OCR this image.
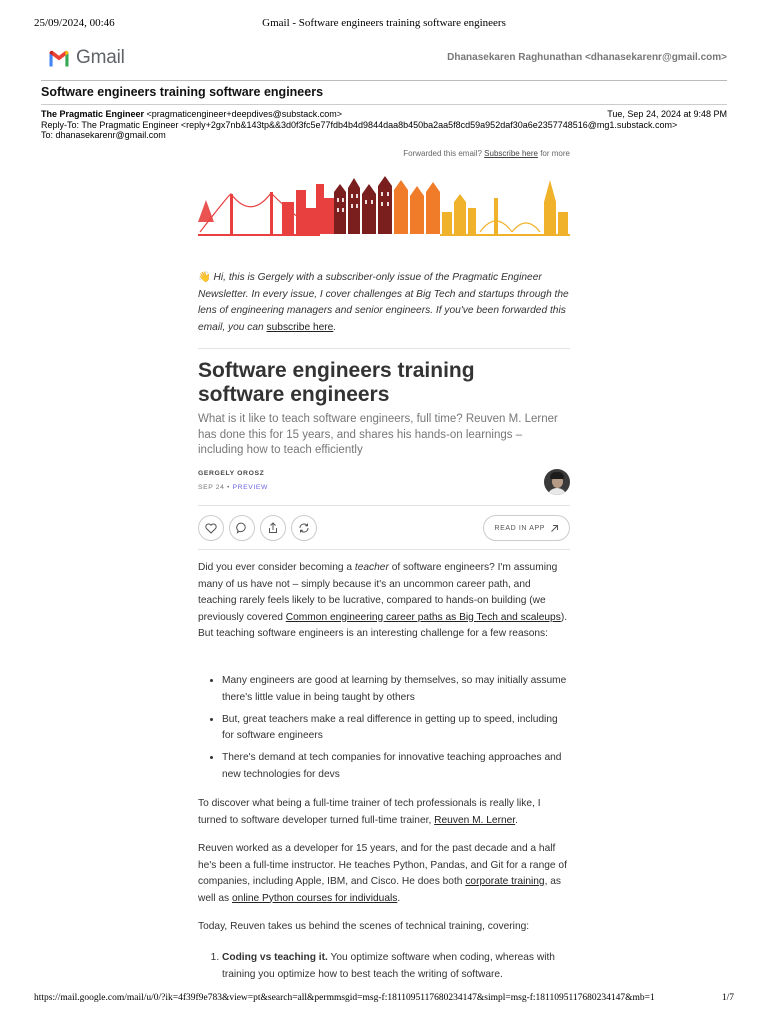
25/09/2024, 00:46	Gmail - Software engineers training software engineers
Gmail	Dhanasekaren Raghunathan <dhanasekarenr@gmail.com>
Software engineers training software engineers
The Pragmatic Engineer <pragmaticengineer+deepdives@substack.com>	Tue, Sep 24, 2024 at 9:48 PM
Reply-To: The Pragmatic Engineer <reply+2gx7nb&143tp&&3d0f3fc5e77fdb4b4d9844daa8b450ba2aa5f8cd59a952daf30a6e2357748516@mg1.substack.com>
To: dhanasekarenr@gmail.com
Forwarded this email? Subscribe here for more
👋 Hi, this is Gergely with a subscriber-only issue of the Pragmatic Engineer Newsletter. In every issue, I cover challenges at Big Tech and startups through the lens of engineering managers and senior engineers. If you've been forwarded this email, you can subscribe here.
Software engineers training
software engineers
What is it like to teach software engineers, full time? Reuven M. Lerner has done this for 15 years, and shares his hands-on learnings – including how to teach efficiently
GERGELY OROSZ
SEP 24 • PREVIEW
READ IN APP
Did you ever consider becoming a teacher of software engineers? I'm assuming many of us have not – simply because it's an uncommon career path, and teaching rarely feels likely to be lucrative, compared to hands-on building (we previously covered Common engineering career paths as Big Tech and scaleups). But teaching software engineers is an interesting challenge for a few reasons:
• Many engineers are good at learning by themselves, so may initially assume there's little value in being taught by others
• But, great teachers make a real difference in getting up to speed, including for software engineers
• There's demand at tech companies for innovative teaching approaches and new technologies for devs
To discover what being a full-time trainer of tech professionals is really like, I turned to software developer turned full-time trainer, Reuven M. Lerner.
Reuven worked as a developer for 15 years, and for the past decade and a half he's been a full-time instructor. He teaches Python, Pandas, and Git for a range of companies, including Apple, IBM, and Cisco. He does both corporate training, as well as online Python courses for individuals.
Today, Reuven takes us behind the scenes of technical training, covering:
1. Coding vs teaching it. You optimize software when coding, whereas with training you optimize how to best teach the writing of software.
https://mail.google.com/mail/u/0/?ik=4f39f9e783&view=pt&search=all&permmsgid=msg-f:1811095117680234147&simpl=msg-f:1811095117680234147&mb=1	1/7
